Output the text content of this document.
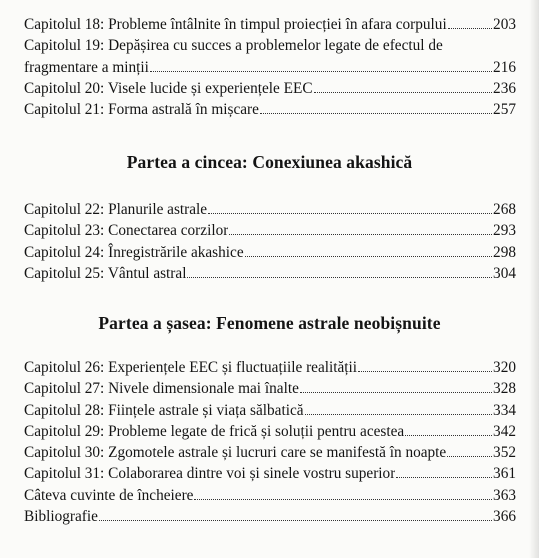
Capitolul 18: Probleme întâlnite în timpul proiecției în afara corpului	203
Capitolul 19: Depășirea cu succes a problemelor legate de efectul de
fragmentare a minții	216
Capitolul 20: Visele lucide și experiențele EEC	236
Capitolul 21: Forma astrală în mișcare	257
Partea a cincea: Conexiunea akashică
Capitolul 22: Planurile astrale	268
Capitolul 23: Conectarea corzilor	293
Capitolul 24: Înregistrările akashice	298
Capitolul 25: Vântul astral	304
Partea a șasea: Fenomene astrale neobișnuite
Capitolul 26: Experiențele EEC și fluctuațiile realității	320
Capitolul 27: Nivele dimensionale mai înalte	328
Capitolul 28: Ființele astrale și viața sălbatică	334
Capitolul 29: Probleme legate de frică și soluții pentru acestea	342
Capitolul 30: Zgomotele astrale și lucruri care se manifestă în noapte	352
Capitolul 31: Colaborarea dintre voi și sinele vostru superior	361
Câteva cuvinte de încheiere	363
Bibliografie	366
